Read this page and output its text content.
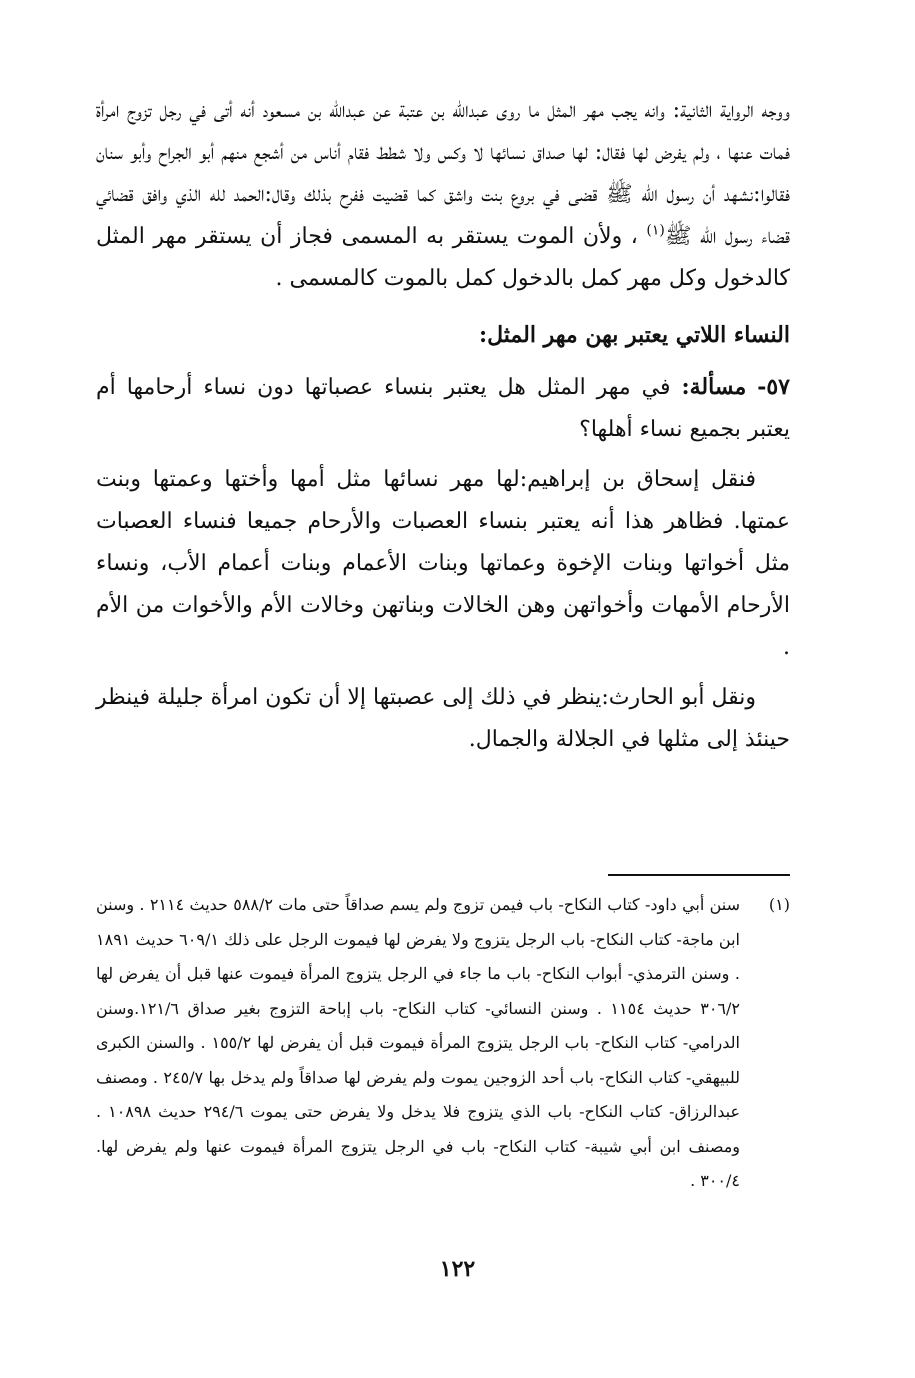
ووجه الرواية الثانية: وانه يجب مهر المثل ما روى عبدالله بن عتبة عن عبدالله بن مسعود أنه أتى في رجل تزوج امرأة فمات عنها ، ولم يفرض لها فقال: لها صداق نسائها لا وكس ولا شطط فقام أناس من أشجع منهم أبو الجراح وأبو سنان فقالوا:نشهد أن رسول الله ﷺ قضى في بروع بنت واشق كما قضيت ففرح بذلك وقال:الحمد لله الذي وافق قضائي قضاء رسول الله ﷺ$^{(١)}$ ، ولأن الموت يستقر به المسمى فجاز أن يستقر مهر المثل كالدخول وكل مهر كمل بالدخول كمل بالموت كالمسمى .

النساء اللاتي يعتبر بهن مهر المثل:

٥٧- مسألة: في مهر المثل هل يعتبر بنساء عصباتها دون نساء أرحامها أم يعتبر بجميع نساء أهلها؟

فنقل إسحاق بن إبراهيم:لها مهر نسائها مثل أمها وأختها وعمتها وبنت عمتها. فظاهر هذا أنه يعتبر بنساء العصبات والأرحام جميعا فنساء العصبات مثل أخواتها وبنات الإخوة وعماتها وبنات الأعمام وبنات أعمام الأب، ونساء الأرحام الأمهات وأخواتهن وهن الخالات وبناتهن وخالات الأم والأخوات من الأم .

ونقل أبو الحارث:ينظر في ذلك إلى عصبتها إلا أن تكون امرأة جليلة فينظر حينئذ إلى مثلها في الجلالة والجمال.

(١)
سنن أبي داود- كتاب النكاح- باب فيمن تزوج ولم يسم صداقاً حتى مات ٥٨٨/٢ حديث ٢١١٤ . وسنن ابن ماجة- كتاب النكاح- باب الرجل يتزوج ولا يفرض لها فيموت الرجل على ذلك ٦٠٩/١ حديث ١٨٩١ . وسنن الترمذي- أبواب النكاح- باب ما جاء في الرجل يتزوج المرأة فيموت عنها قبل أن يفرض لها ٣٠٦/٢ حديث ١١٥٤ . وسنن النسائي- كتاب النكاح- باب إباحة التزوج بغير صداق ١٢١/٦.وسنن الدرامي- كتاب النكاح- باب الرجل يتزوج المرأة فيموت قبل أن يفرض لها ١٥٥/٢ . والسنن الكبرى للبيهقي- كتاب النكاح- باب أحد الزوجين يموت ولم يفرض لها صداقاً ولم يدخل بها ٢٤٥/٧ . ومصنف عبدالرزاق- كتاب النكاح- باب الذي يتزوج فلا يدخل ولا يفرض حتى يموت ٢٩٤/٦ حديث ١٠٨٩٨ . ومصنف ابن أبي شيبة- كتاب النكاح- باب في الرجل يتزوج المرأة فيموت عنها ولم يفرض لها. ٣٠٠/٤ .
١٢٢
